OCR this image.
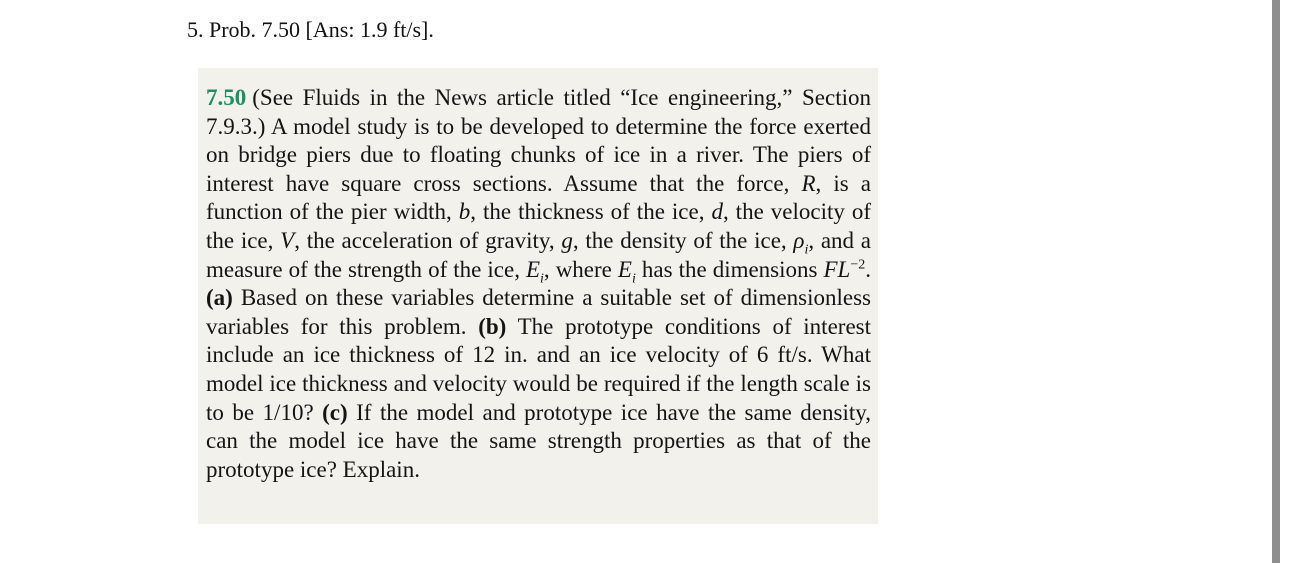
5. Prob. 7.50 [Ans: 1.9 ft/s].
7.50 (See Fluids in the News article titled “Ice engineering,” Section 7.9.3.) A model study is to be developed to determine the force exerted on bridge piers due to floating chunks of ice in a river. The piers of interest have square cross sections. Assume that the force, R, is a function of the pier width, b, the thickness of the ice, d, the velocity of the ice, V, the acceleration of gravity, g, the density of the ice, $\rho_i$, and a measure of the strength of the ice, $E_i$, where $E_i$ has the dimensions $FL^{-2}$. (a) Based on these variables determine a suitable set of dimensionless variables for this problem. (b) The prototype conditions of interest include an ice thickness of 12 in. and an ice velocity of 6 ft/s. What model ice thickness and velocity would be required if the length scale is to be 1/10? (c) If the model and prototype ice have the same density, can the model ice have the same strength properties as that of the prototype ice? Explain.
